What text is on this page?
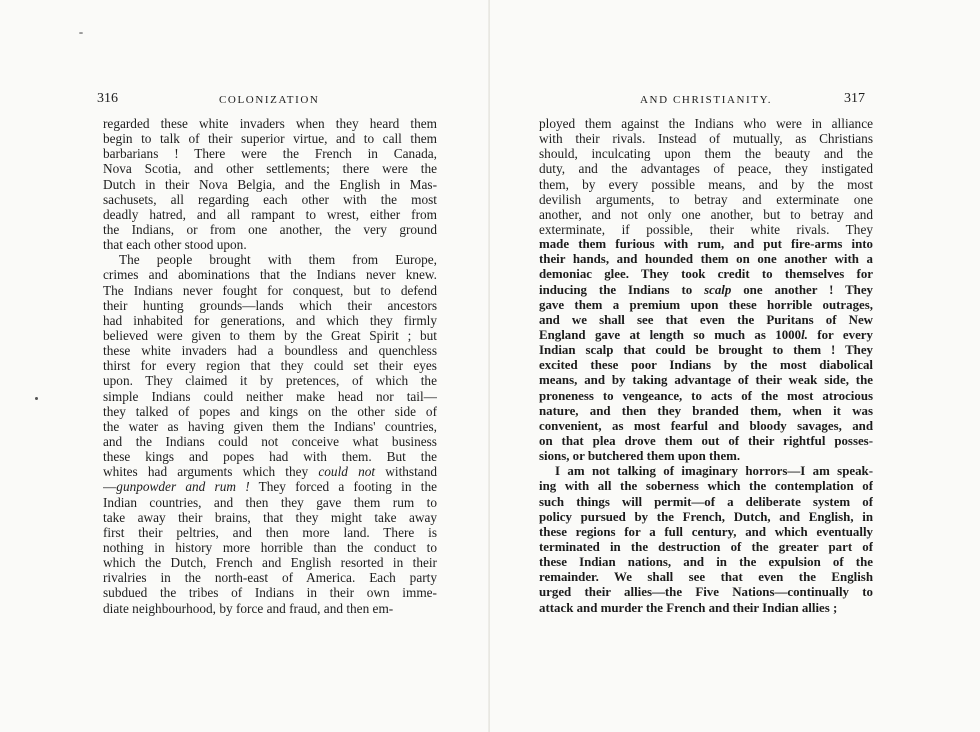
316	COLONIZATION
regarded these white invaders when they heard them
begin to talk of their superior virtue, and to call them
barbarians ! There were the French in Canada,
Nova Scotia, and other settlements; there were the
Dutch in their Nova Belgia, and the English in Mas-
sachusets, all regarding each other with the most
deadly hatred, and all rampant to wrest, either from
the Indians, or from one another, the very ground
that each other stood upon.
The people brought with them from Europe,
crimes and abominations that the Indians never knew.
The Indians never fought for conquest, but to defend
their hunting grounds—lands which their ancestors
had inhabited for generations, and which they firmly
believed were given to them by the Great Spirit ; but
these white invaders had a boundless and quenchless
thirst for every region that they could set their eyes
upon. They claimed it by pretences, of which the
simple Indians could neither make head nor tail—
they talked of popes and kings on the other side of
the water as having given them the Indians' countries,
and the Indians could not conceive what business
these kings and popes had with them. But the
whites had arguments which they could not withstand
—gunpowder and rum ! They forced a footing in the
Indian countries, and then they gave them rum to
take away their brains, that they might take away
first their peltries, and then more land. There is
nothing in history more horrible than the conduct to
which the Dutch, French and English resorted in their
rivalries in the north-east of America. Each party
subdued the tribes of Indians in their own imme-
diate neighbourhood, by force and fraud, and then em-
AND CHRISTIANITY.	317
ployed them against the Indians who were in alliance
with their rivals. Instead of mutually, as Christians
should, inculcating upon them the beauty and the
duty, and the advantages of peace, they instigated
them, by every possible means, and by the most
devilish arguments, to betray and exterminate one
another, and not only one another, but to betray and
exterminate, if possible, their white rivals. They
made them furious with rum, and put fire-arms into
their hands, and hounded them on one another with a
demoniac glee. They took credit to themselves for
inducing the Indians to scalp one another ! They
gave them a premium upon these horrible outrages,
and we shall see that even the Puritans of New
England gave at length so much as 1000l. for every
Indian scalp that could be brought to them ! They
excited these poor Indians by the most diabolical
means, and by taking advantage of their weak side, the
proneness to vengeance, to acts of the most atrocious
nature, and then they branded them, when it was
convenient, as most fearful and bloody savages, and
on that plea drove them out of their rightful posses-
sions, or butchered them upon them.
I am not talking of imaginary horrors—I am speak-
ing with all the soberness which the contemplation of
such things will permit—of a deliberate system of
policy pursued by the French, Dutch, and English, in
these regions for a full century, and which eventually
terminated in the destruction of the greater part of
these Indian nations, and in the expulsion of the
remainder. We shall see that even the English
urged their allies—the Five Nations—continually to
attack and murder the French and their Indian allies ;
